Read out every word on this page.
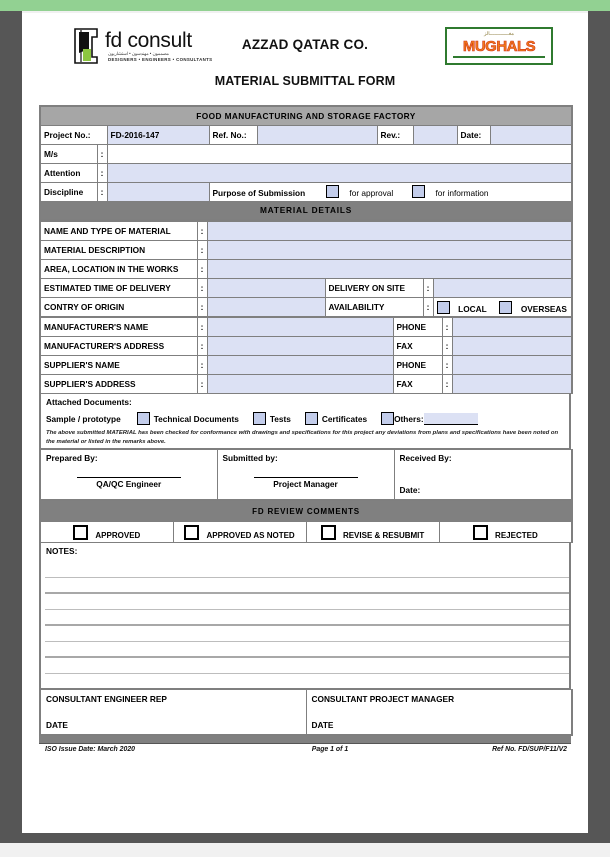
fd consult
مصممون • مهندسون • استشاريون
DESIGNERS • ENGINEERS • CONSULTANTS
AZZAD QATAR CO.
MATERIAL SUBMITTAL FORM
مغـــــــــــــالز
MUGHALS
FOOD MANUFACTURING AND STORAGE FACTORY								
Project No.:		FD-2016-147	Ref. No.:		Rev.:		Date:	
M/s	:							
Attention	:							
Discipline	:		Purpose of Submission for approval for information					
MATERIAL DETAILS								
NAME AND TYPE OF MATERIAL	:				
MATERIAL DESCRIPTION	:				
AREA, LOCATION IN THE WORKS	:				
ESTIMATED TIME OF DELIVERY	:		DELIVERY ON SITE	:	
CONTRY OF ORIGIN	:		AVAILABILITY	:	LOCAL OVERSEAS
MANUFACTURER'S NAME	:		PHONE	:	
MANUFACTURER'S ADDRESS	:		FAX	:	
SUPPLIER'S NAME	:		PHONE	:	
SUPPLIER'S ADDRESS	:		FAX	:	
Attached Documents:
Sample / prototype	Technical Documents	Tests	Certificates	Others:
The above submitted MATERIAL has been checked for conformance with drawings and specifications for this project any deviations from plans and specifications have been noted on the material or listed in the remarks above.
Prepared By:
QA/QC Engineer

Submitted by:
Project Manager

Received By:
Date:
FD REVIEW COMMENTS
APPROVED	APPROVED AS NOTED	REVISE & RESUBMIT	REJECTED
NOTES:
CONSULTANT ENGINEER REP
DATE

CONSULTANT PROJECT MANAGER
DATE
ISO Issue Date: March 2020	Page 1 of 1	Ref No. FD/SUP/F11/V2
